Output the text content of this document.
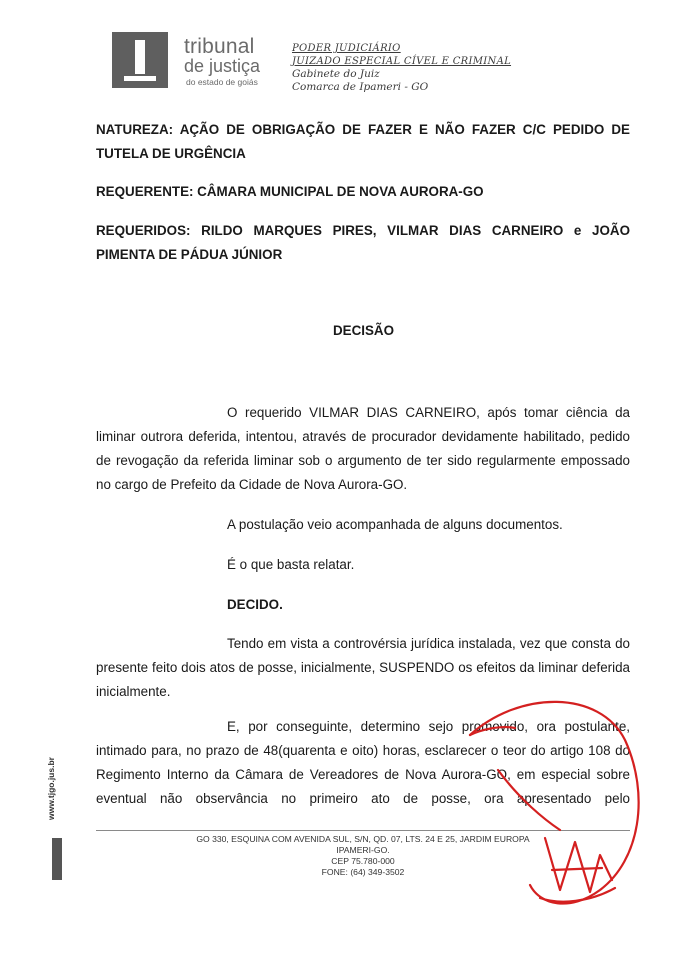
tribunal
de justiça
do estado de goiás
PODER JUDICIÁRIO
JUIZADO ESPECIAL CÍVEL E CRIMINAL
Gabinete do Juiz
Comarca de Ipameri - GO
NATUREZA: AÇÃO DE OBRIGAÇÃO DE FAZER E NÃO FAZER C/C PEDIDO DE TUTELA DE URGÊNCIA
REQUERENTE: CÂMARA MUNICIPAL DE NOVA AURORA-GO
REQUERIDOS: RILDO MARQUES PIRES, VILMAR DIAS CARNEIRO e JOÃO PIMENTA DE PÁDUA JÚNIOR
DECISÃO
O requerido VILMAR DIAS CARNEIRO, após tomar ciência da liminar outrora deferida, intentou, através de procurador devidamente habilitado, pedido de revogação da referida liminar sob o argumento de ter sido regularmente empossado no cargo de Prefeito da Cidade de Nova Aurora-GO.
A postulação veio acompanhada de alguns documentos.
É o que basta relatar.
DECIDO.
Tendo em vista a controvérsia jurídica instalada, vez que consta do presente feito dois atos de posse, inicialmente, SUSPENDO os efeitos da liminar deferida inicialmente.
E, por conseguinte, determino sejo promovido, ora postulante, intimado para, no prazo de 48(quarenta e oito) horas, esclarecer o teor do artigo 108 do Regimento Interno da Câmara de Vereadores de Nova Aurora-GO, em especial sobre eventual não observância no primeiro ato de posse, ora apresentado pelo
GO 330, ESQUINA COM AVENIDA SUL, S/N, QD. 07, LTS. 24 E 25, JARDIM EUROPA
IPAMERI-GO.
CEP 75.780-000
FONE: (64) 349-3502
www.tjgo.jus.br
